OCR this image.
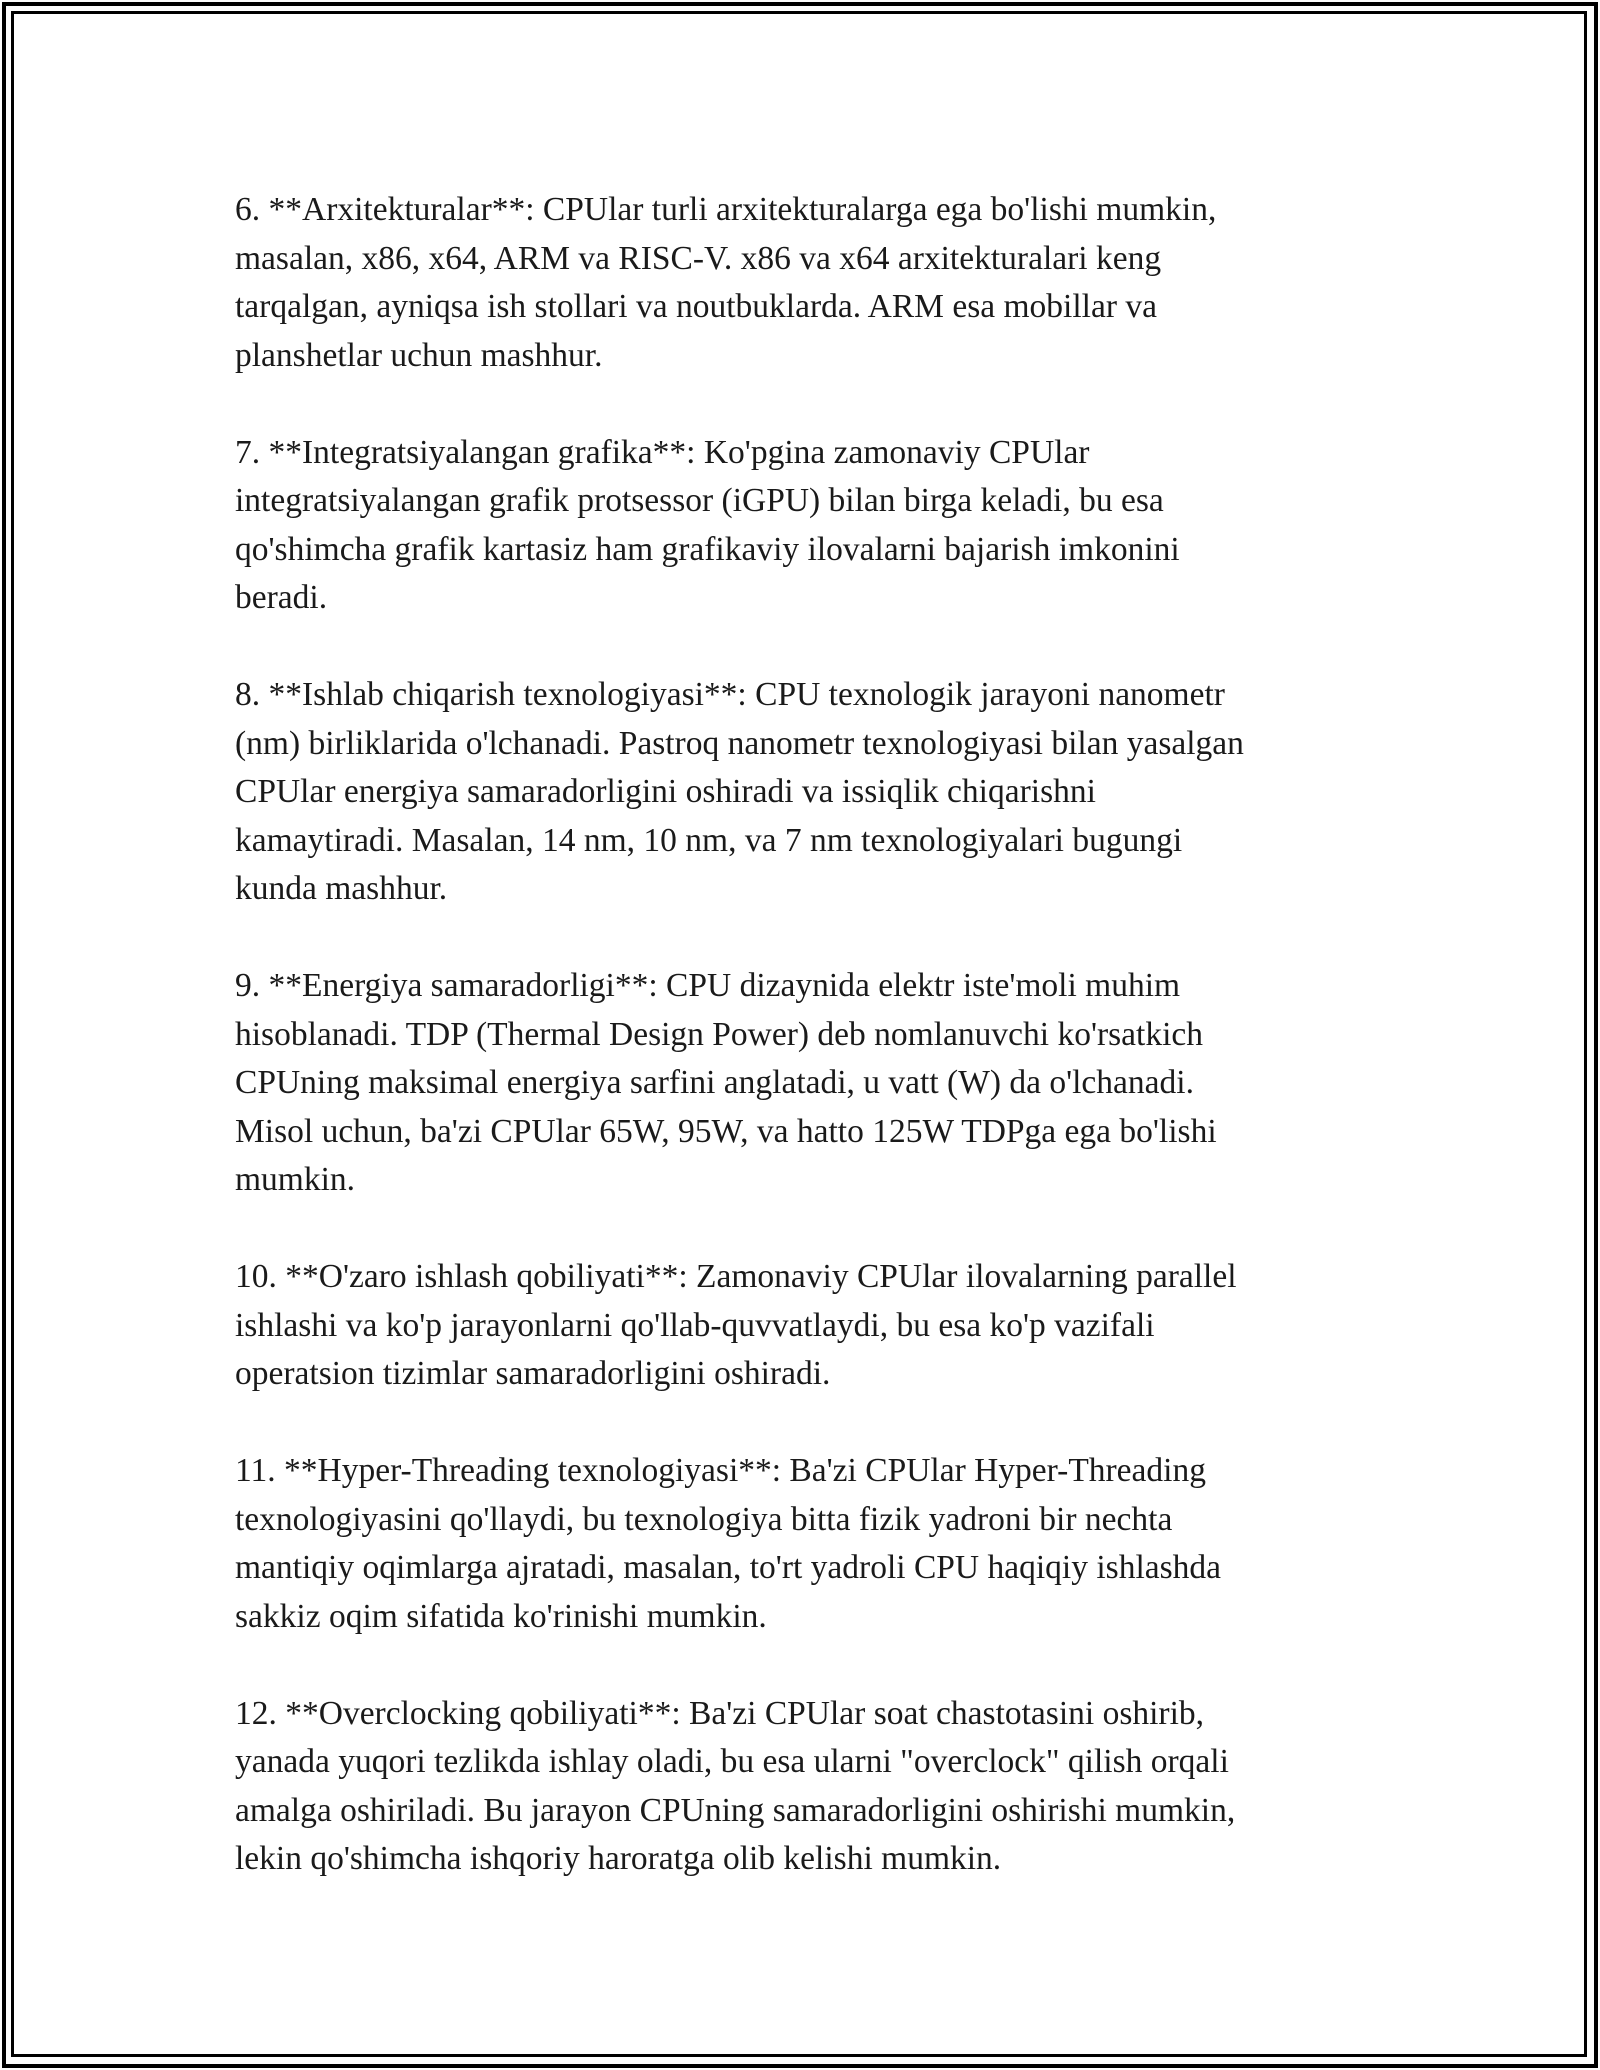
6. **Arxitekturalar**: CPUlar turli arxitekturalarga ega bo'lishi mumkin,
masalan, x86, x64, ARM va RISC-V. x86 va x64 arxitekturalari keng
tarqalgan, ayniqsa ish stollari va noutbuklarda. ARM esa mobillar va
planshetlar uchun mashhur.

7. **Integratsiyalangan grafika**: Ko'pgina zamonaviy CPUlar
integratsiyalangan grafik protsessor (iGPU) bilan birga keladi, bu esa
qo'shimcha grafik kartasiz ham grafikaviy ilovalarni bajarish imkonini
beradi.

8. **Ishlab chiqarish texnologiyasi**: CPU texnologik jarayoni nanometr
(nm) birliklarida o'lchanadi. Pastroq nanometr texnologiyasi bilan yasalgan
CPUlar energiya samaradorligini oshiradi va issiqlik chiqarishni
kamaytiradi. Masalan, 14 nm, 10 nm, va 7 nm texnologiyalari bugungi
kunda mashhur.

9. **Energiya samaradorligi**: CPU dizaynida elektr iste'moli muhim
hisoblanadi. TDP (Thermal Design Power) deb nomlanuvchi ko'rsatkich
CPUning maksimal energiya sarfini anglatadi, u vatt (W) da o'lchanadi.
Misol uchun, ba'zi CPUlar 65W, 95W, va hatto 125W TDPga ega bo'lishi
mumkin.

10. **O'zaro ishlash qobiliyati**: Zamonaviy CPUlar ilovalarning parallel
ishlashi va ko'p jarayonlarni qo'llab-quvvatlaydi, bu esa ko'p vazifali
operatsion tizimlar samaradorligini oshiradi.

11. **Hyper-Threading texnologiyasi**: Ba'zi CPUlar Hyper-Threading
texnologiyasini qo'llaydi, bu texnologiya bitta fizik yadroni bir nechta
mantiqiy oqimlarga ajratadi, masalan, to'rt yadroli CPU haqiqiy ishlashda
sakkiz oqim sifatida ko'rinishi mumkin.

12. **Overclocking qobiliyati**: Ba'zi CPUlar soat chastotasini oshirib,
yanada yuqori tezlikda ishlay oladi, bu esa ularni "overclock" qilish orqali
amalga oshiriladi. Bu jarayon CPUning samaradorligini oshirishi mumkin,
lekin qo'shimcha ishqoriy haroratga olib kelishi mumkin.
